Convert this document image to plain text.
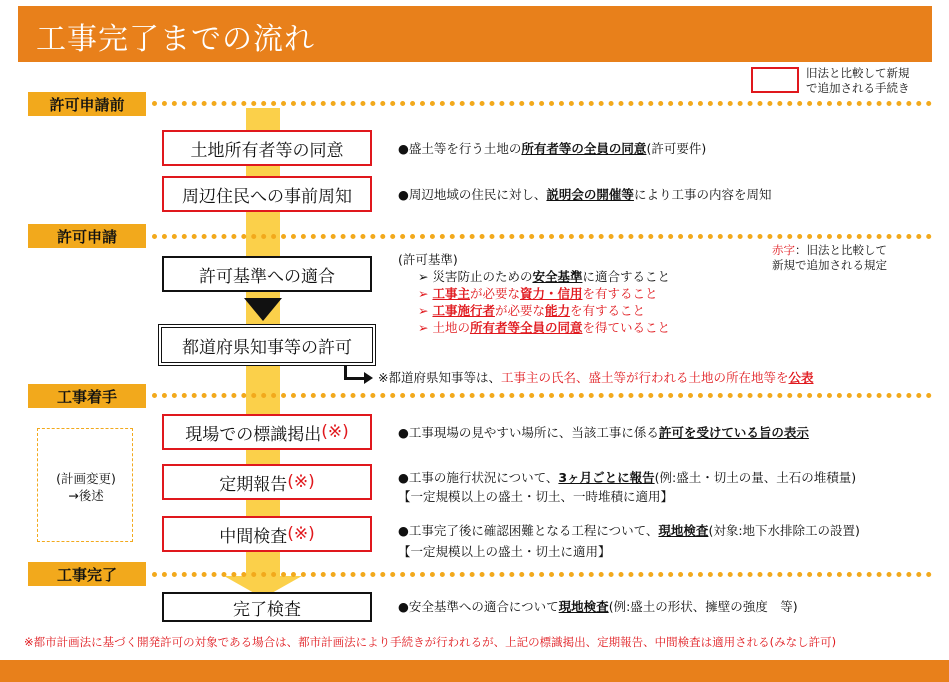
工事完了までの流れ
旧法と比較して新規
で追加される手続き
許可申請前
許可申請
工事着手
工事完了
土地所有者等の同意
周辺住民への事前周知
許可基準への適合
都道府県知事等の許可
現場での標識掲出 (※)
定期報告 (※)
中間検査 (※)
完了検査
●盛土等を行う土地の所有者等の全員の同意(許可要件)
●周辺地域の住民に対し、説明会の開催等により工事の内容を周知
(許可基準)
➢ 災害防止のための安全基準に適合すること
➢ 工事主が必要な資力・信用を有すること
➢ 工事施行者が必要な能力を有すること
➢ 土地の所有者等全員の同意を得ていること
赤字：旧法と比較して
新規で追加される規定
※都道府県知事等は、工事主の氏名、盛土等が行われる土地の所在地等を公表
●工事現場の見やすい場所に、当該工事に係る許可を受けている旨の表示
●工事の施行状況について、3ヶ月ごとに報告(例:盛土・切土の量、土石の堆積量)
【一定規模以上の盛土・切土、一時堆積に適用】
●工事完了後に確認困難となる工程について、現地検査(対象:地下水排除工の設置)
【一定規模以上の盛土・切土に適用】
●安全基準への適合について現地検査(例:盛土の形状、擁壁の強度　等)
(計画変更)
→後述
※都市計画法に基づく開発許可の対象である場合は、都市計画法により手続きが行われるが、上記の標識掲出、定期報告、中間検査は適用される(みなし許可)
